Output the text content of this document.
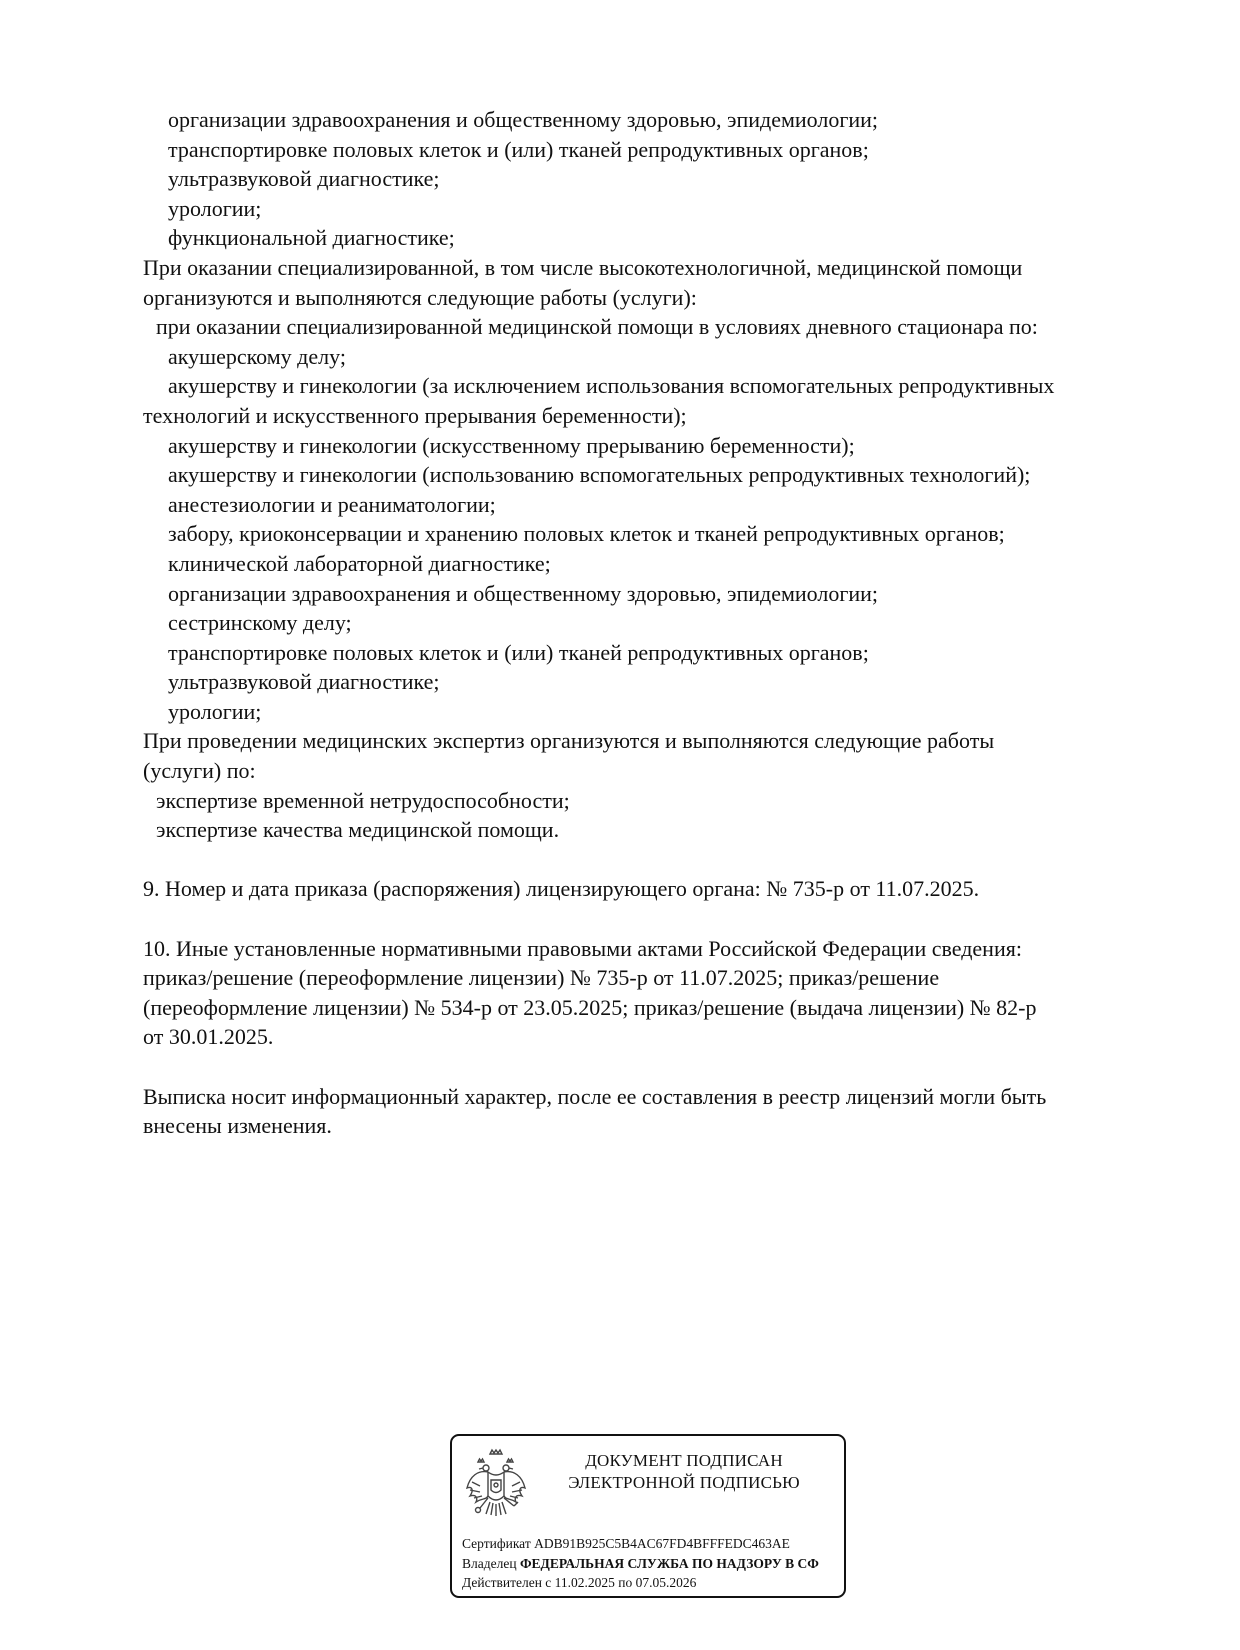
организации здравоохранения и общественному здоровью, эпидемиологии;
транспортировке половых клеток и (или) тканей репродуктивных органов;
ультразвуковой диагностике;
урологии;
функциональной диагностике;
При оказании специализированной, в том числе высокотехнологичной, медицинской помощи
организуются и выполняются следующие работы (услуги):
при оказании специализированной медицинской помощи в условиях дневного стационара по:
акушерскому делу;
акушерству и гинекологии (за исключением использования вспомогательных репродуктивных
технологий и искусственного прерывания беременности);
акушерству и гинекологии (искусственному прерыванию беременности);
акушерству и гинекологии (использованию вспомогательных репродуктивных технологий);
анестезиологии и реаниматологии;
забору, криоконсервации и хранению половых клеток и тканей репродуктивных органов;
клинической лабораторной диагностике;
организации здравоохранения и общественному здоровью, эпидемиологии;
сестринскому делу;
транспортировке половых клеток и (или) тканей репродуктивных органов;
ультразвуковой диагностике;
урологии;
При проведении медицинских экспертиз организуются и выполняются следующие работы
(услуги) по:
экспертизе временной нетрудоспособности;
экспертизе качества медицинской помощи.
9. Номер и дата приказа (распоряжения) лицензирующего органа: № 735-р от 11.07.2025.
10. Иные установленные нормативными правовыми актами Российской Федерации сведения:
приказ/решение (переоформление лицензии) № 735-р от 11.07.2025; приказ/решение
(переоформление лицензии) № 534-р от 23.05.2025; приказ/решение (выдача лицензии) № 82-р
от 30.01.2025.
Выписка носит информационный характер, после ее составления в реестр лицензий могли быть
внесены изменения.
ДОКУМЕНТ ПОДПИСАН
ЭЛЕКТРОННОЙ ПОДПИСЬЮ
Сертификат ADB91B925C5B4AC67FD4BFFFEDC463AE
Владелец ФЕДЕРАЛЬНАЯ СЛУЖБА ПО НАДЗОРУ В СФ
Действителен с 11.02.2025 по 07.05.2026
